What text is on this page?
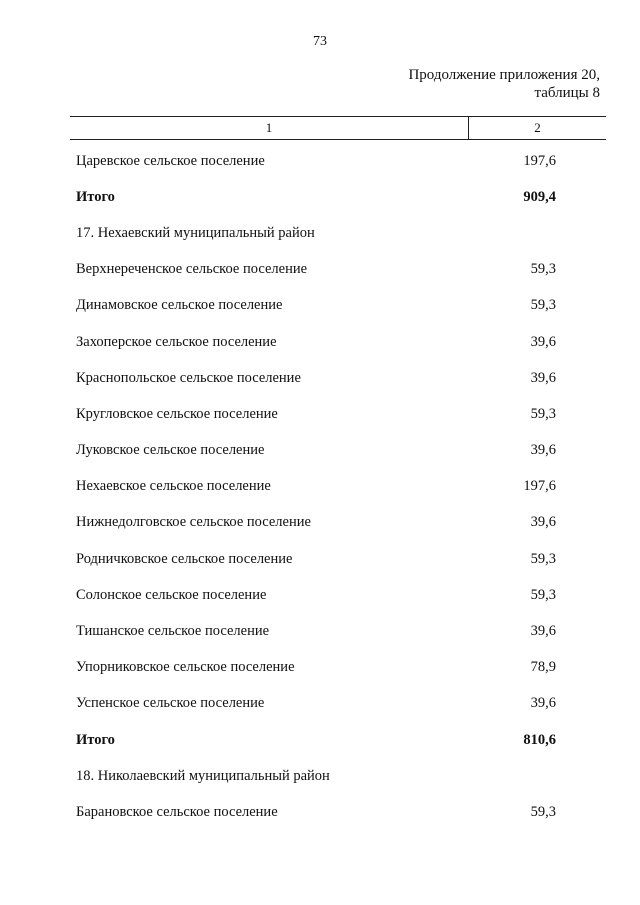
73
Продолжение приложения 20,
таблицы 8
1	2
Царевское сельское поселение	197,6
Итого	909,4
17. Нехаевский муниципальный район
Верхнереченское сельское поселение	59,3
Динамовское сельское поселение	59,3
Захоперское сельское поселение	39,6
Краснопольское сельское поселение	39,6
Кругловское сельское поселение	59,3
Луковское сельское поселение	39,6
Нехаевское сельское поселение	197,6
Нижнедолговское сельское поселение	39,6
Родничковское сельское поселение	59,3
Солонское сельское поселение	59,3
Тишанское сельское поселение	39,6
Упорниковское сельское поселение	78,9
Успенское сельское поселение	39,6
Итого	810,6
18. Николаевский муниципальный район
Барановское сельское поселение	59,3
